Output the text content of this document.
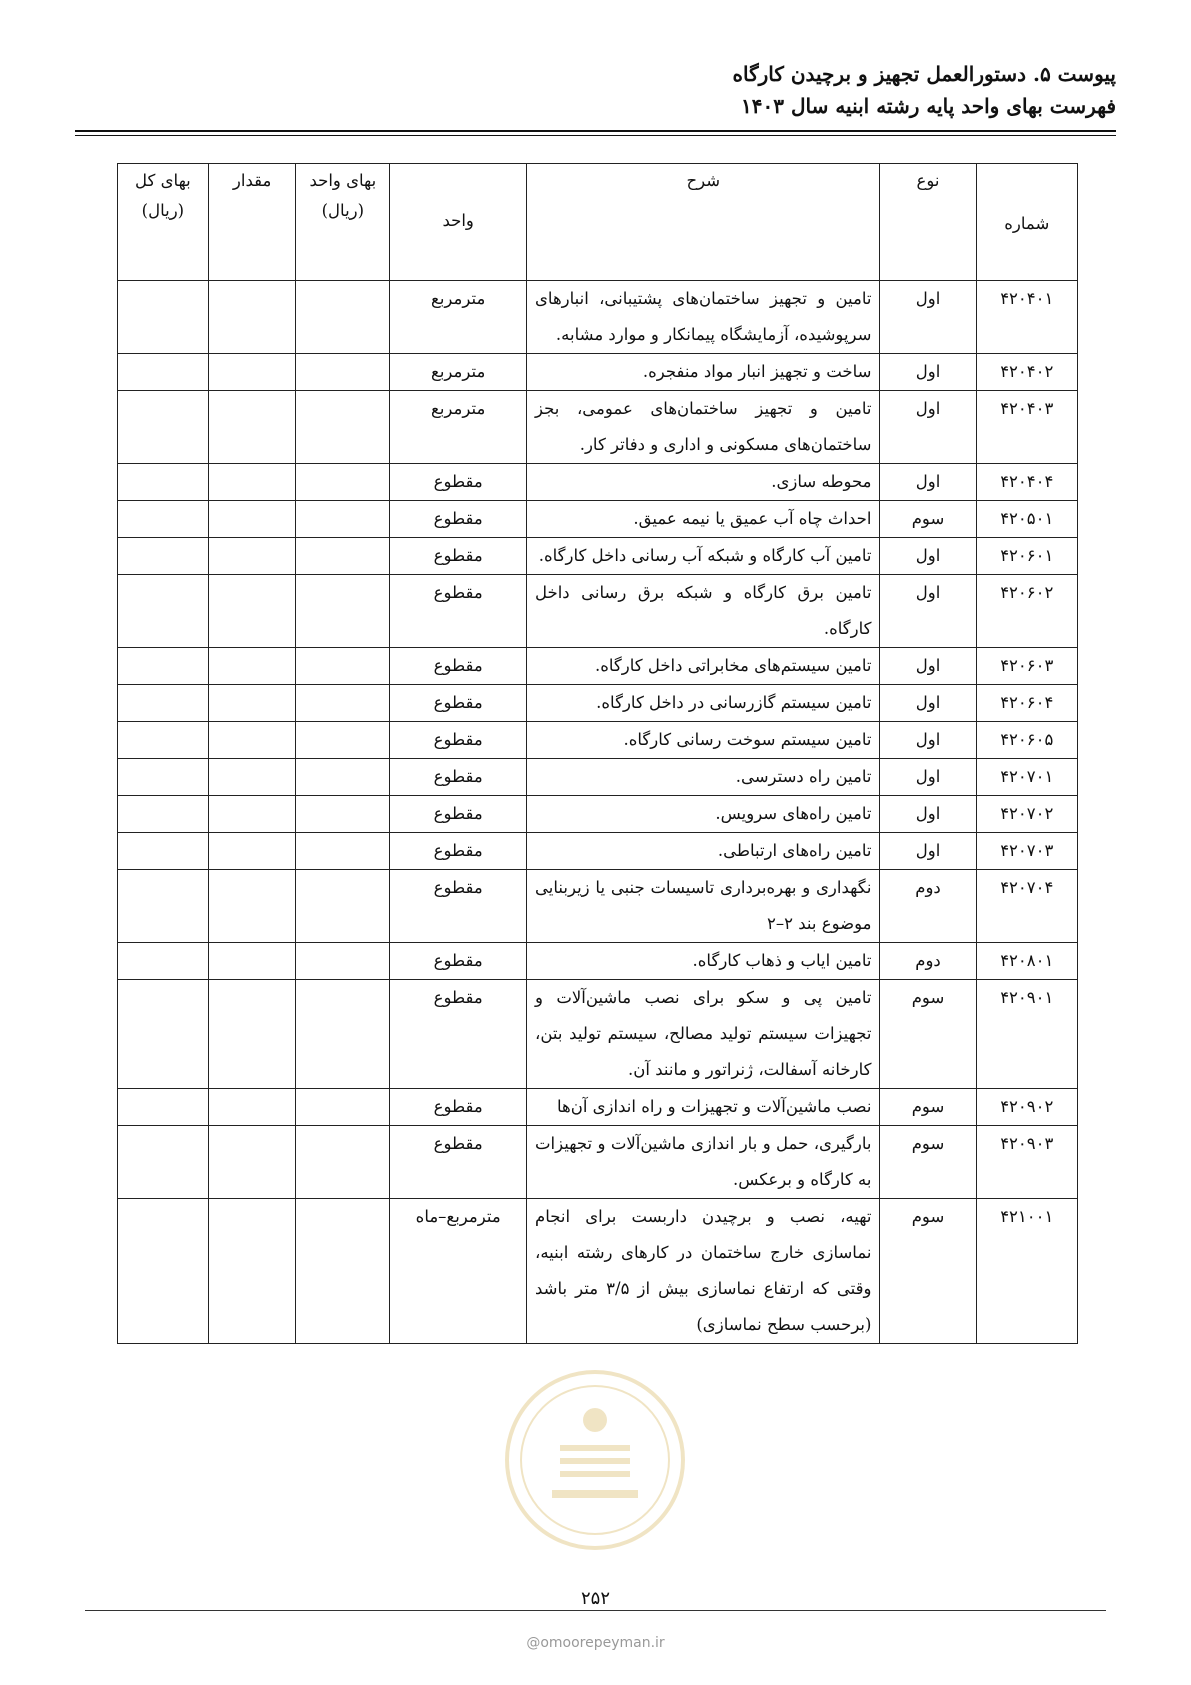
پیوست ۵. دستورالعمل تجهیز و برچیدن کارگاه
فهرست بهای واحد پایه رشته ابنیه سال ۱۴۰۳
شماره	نوع	شرح	واحد	بهای واحد (ریال)	مقدار	بهای کل (ریال)

۴۲۰۴۰۱	اول	تامین و تجهیز ساختمان‌های پشتیبانی، انبارهای سرپوشیده، آزمایشگاه پیمانکار و موارد مشابه.	مترمربع			
۴۲۰۴۰۲	اول	ساخت و تجهیز انبار مواد منفجره.	مترمربع			
۴۲۰۴۰۳	اول	تامین و تجهیز ساختمان‌های عمومی، بجز ساختمان‌های مسکونی و اداری و دفاتر کار.	مترمربع			
۴۲۰۴۰۴	اول	محوطه سازی.	مقطوع			
۴۲۰۵۰۱	سوم	احداث چاه آب عمیق یا نیمه عمیق.	مقطوع			
۴۲۰۶۰۱	اول	تامین آب کارگاه و شبکه آب رسانی داخل کارگاه.	مقطوع			
۴۲۰۶۰۲	اول	تامین برق کارگاه و شبکه برق رسانی داخل کارگاه.	مقطوع			
۴۲۰۶۰۳	اول	تامین سیستم‌های مخابراتی داخل کارگاه.	مقطوع			
۴۲۰۶۰۴	اول	تامین سیستم گازرسانی در داخل کارگاه.	مقطوع			
۴۲۰۶۰۵	اول	تامین سیستم سوخت رسانی کارگاه.	مقطوع			
۴۲۰۷۰۱	اول	تامین راه دسترسی.	مقطوع			
۴۲۰۷۰۲	اول	تامین راه‌های سرویس.	مقطوع			
۴۲۰۷۰۳	اول	تامین راه‌های ارتباطی.	مقطوع			
۴۲۰۷۰۴	دوم	نگهداری و بهره‌برداری تاسیسات جنبی یا زیربنایی موضوع بند ۲–۲	مقطوع			
۴۲۰۸۰۱	دوم	تامین ایاب و ذهاب کارگاه.	مقطوع			
۴۲۰۹۰۱	سوم	تامین پی و سکو برای نصب ماشین‌آلات و تجهیزات سیستم تولید مصالح، سیستم تولید بتن، کارخانه آسفالت، ژنراتور و مانند آن.	مقطوع			
۴۲۰۹۰۲	سوم	نصب ماشین‌آلات و تجهیزات و راه اندازی آن‌ها	مقطوع			
۴۲۰۹۰۳	سوم	بارگیری، حمل و بار اندازی ماشین‌آلات و تجهیزات به کارگاه و برعکس.	مقطوع			
۴۲۱۰۰۱	سوم	تهیه، نصب و برچیدن داربست برای انجام نماسازی خارج ساختمان در کارهای رشته ابنیه، وقتی که ارتفاع نماسازی بیش از ۳/۵ متر باشد (برحسب سطح نماسازی)	مترمربع–ماه			
۲۵۲
@omoorepeyman.ir
